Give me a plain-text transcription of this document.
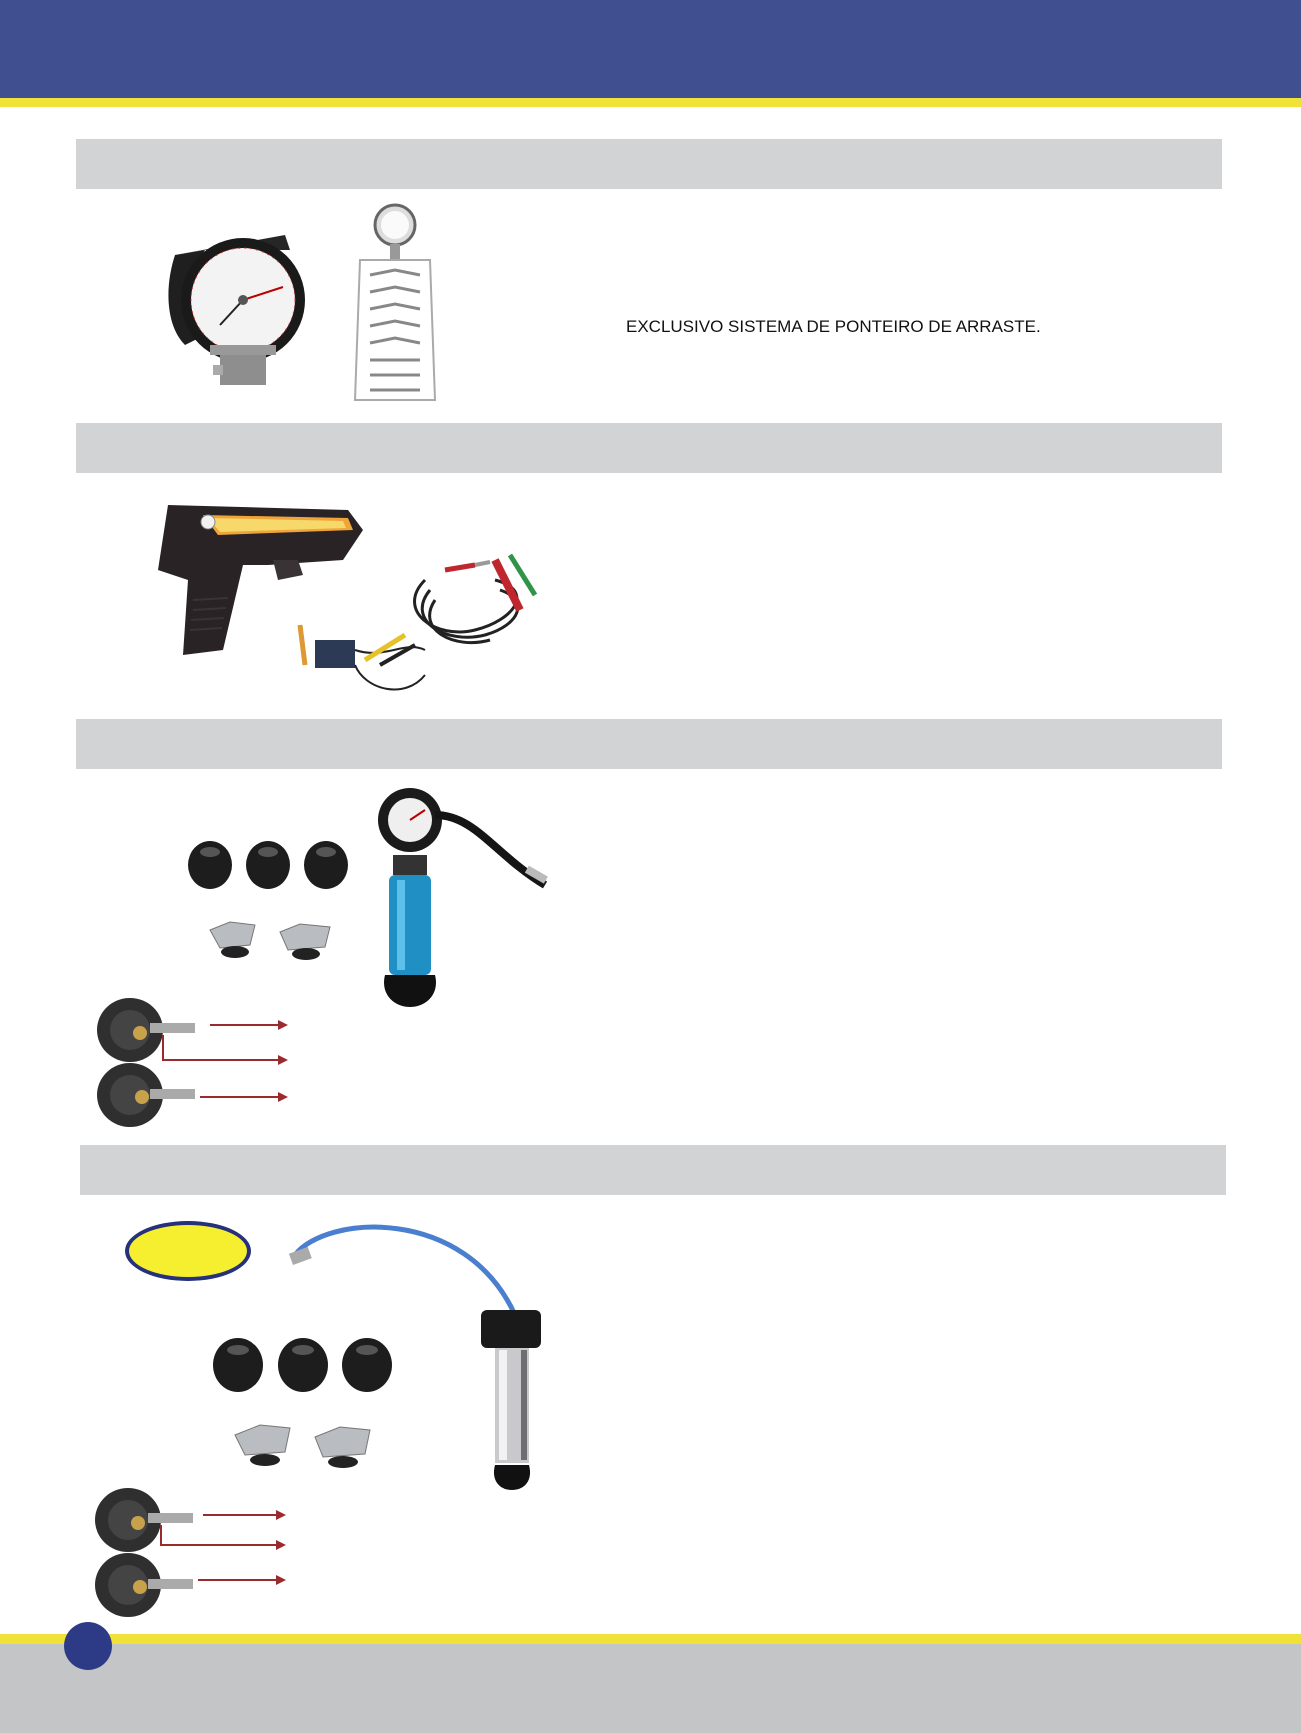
EXCLUSIVO SISTEMA DE PONTEIRO DE ARRASTE.
